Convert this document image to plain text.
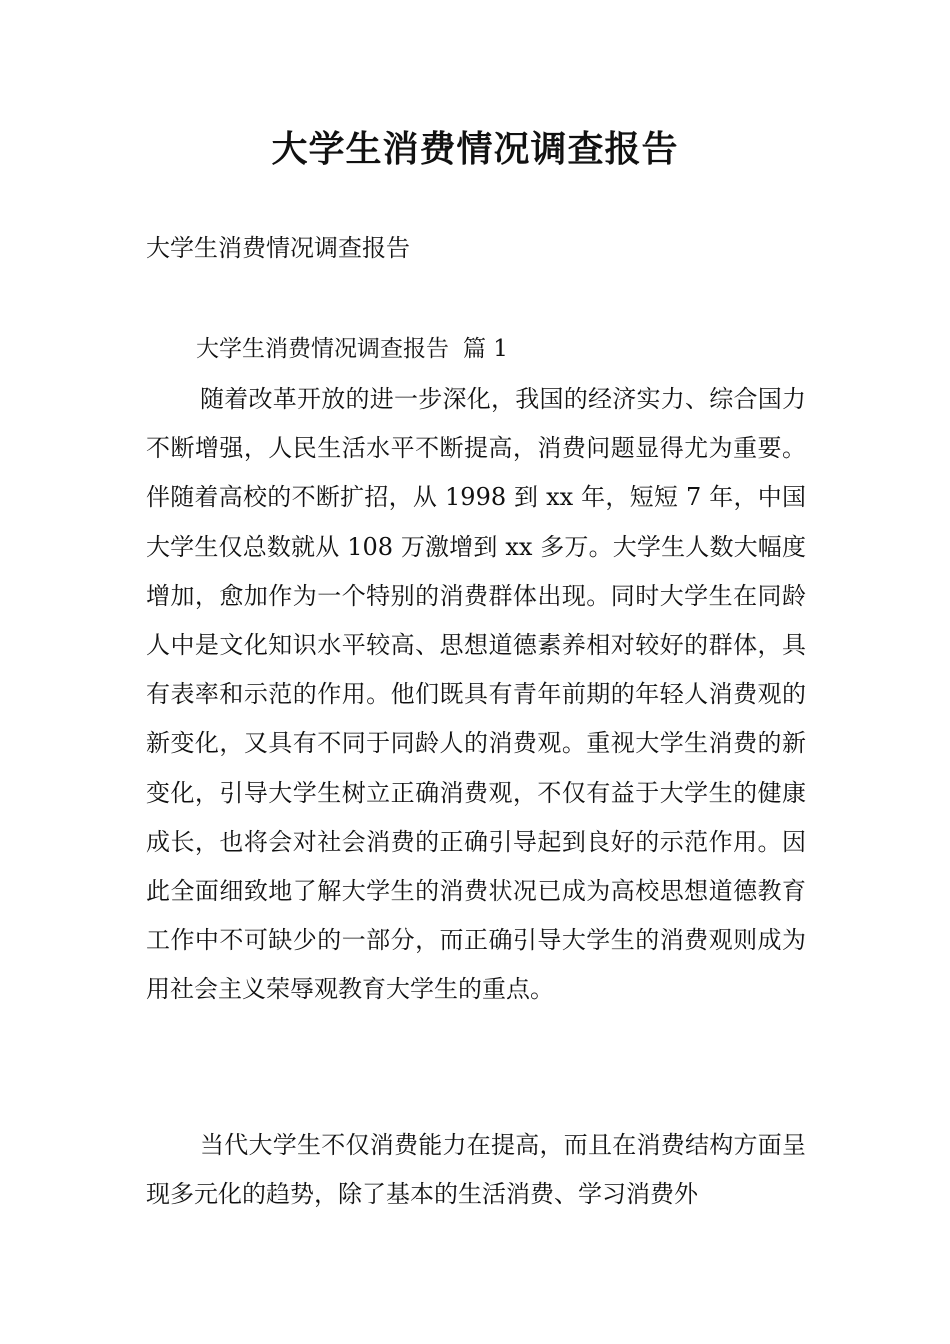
大学生消费情况调查报告

大学生消费情况调查报告

大学生消费情况调查报告 篇 1

随着改革开放的进一步深化，我国的经济实力、综合国力不断增强，人民生活水平不断提高，消费问题显得尤为重要。伴随着高校的不断扩招，从 1998 到 xx 年，短短 7 年，中国大学生仅总数就从 108 万激增到 xx 多万。大学生人数大幅度增加，愈加作为一个特别的消费群体出现。同时大学生在同龄人中是文化知识水平较高、思想道德素养相对较好的群体，具有表率和示范的作用。他们既具有青年前期的年轻人消费观的新变化，又具有不同于同龄人的消费观。重视大学生消费的新变化，引导大学生树立正确消费观，不仅有益于大学生的健康成长，也将会对社会消费的正确引导起到良好的示范作用。因此全面细致地了解大学生的消费状况已成为高校思想道德教育工作中不可缺少的一部分，而正确引导大学生的消费观则成为用社会主义荣辱观教育大学生的重点。

当代大学生不仅消费能力在提高，而且在消费结构方面呈现多元化的趋势，除了基本的生活消费、学习消费外
